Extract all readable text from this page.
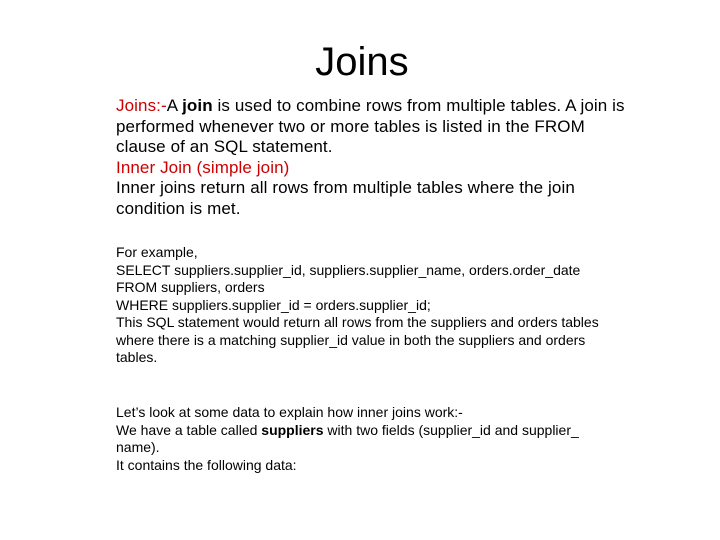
Joins

Joins:-A join is used to combine rows from multiple tables. A join is performed whenever two or more tables is listed in the FROM clause of an SQL statement.

Inner Join (simple join)

Inner joins return all rows from multiple tables where the join condition is met.

For example,
SELECT suppliers.supplier_id, suppliers.supplier_name, orders.order_date
FROM suppliers, orders
WHERE suppliers.supplier_id = orders.supplier_id;
This SQL statement would return all rows from the suppliers and orders tables where there is a matching supplier_id value in both the suppliers and orders tables.

Let’s look at some data to explain how inner joins work:-
We have a table called suppliers with two fields (supplier_id and supplier_ name).
It contains the following data:
